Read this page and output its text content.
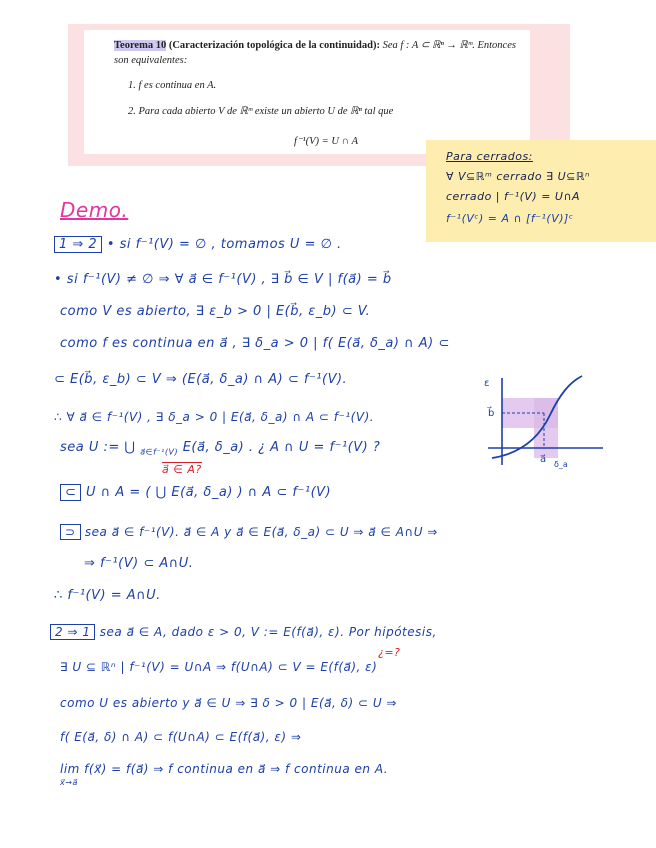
Teorema 10 (Caracterización topológica de la continuidad): Sea f : A ⊂ ℝⁿ → ℝᵐ. Entonces son equivalentes:
1. f es continua en A.
2. Para cada abierto V de ℝᵐ existe un abierto U de ℝⁿ tal que
f⁻¹(V) = U ∩ A
Para cerrados:
∀ V⊆ℝᵐ cerrado ∃ U⊆ℝⁿ
cerrado | f⁻¹(V) = U∩A
f⁻¹(Vᶜ) = A ∩ [f⁻¹(V)]ᶜ
Demo.
1 ⇒ 2 • si f⁻¹(V) = ∅ , tomamos U = ∅ .
• si f⁻¹(V) ≠ ∅ ⇒ ∀ a⃗ ∈ f⁻¹(V) , ∃ b⃗ ∈ V | f(a⃗) = b⃗
como V es abierto, ∃ ε_b > 0 | E(b⃗, ε_b) ⊂ V.
como f es continua en a⃗ , ∃ δ_a > 0 | f( E(a⃗, δ_a) ∩ A) ⊂
⊂ E(b⃗, ε_b) ⊂ V ⇒ (E(a⃗, δ_a) ∩ A) ⊂ f⁻¹(V).
∴ ∀ a⃗ ∈ f⁻¹(V) , ∃ δ_a > 0 | E(a⃗, δ_a) ∩ A ⊂ f⁻¹(V).
sea U := ⋃ $_{a⃗\in f^{-1}(V)}$ E(a⃗, δ_a) . ¿ A ∩ U = f⁻¹(V) ?
a⃗ ∈ A?
⊂ U ∩ A = ( ⋃ E(a⃗, δ_a) ) ∩ A ⊂ f⁻¹(V)
⊃ sea a⃗ ∈ f⁻¹(V). a⃗ ∈ A y a⃗ ∈ E(a⃗, δ_a) ⊂ U ⇒ a⃗ ∈ A∩U ⇒
⇒ f⁻¹(V) ⊂ A∩U.
∴ f⁻¹(V) = A∩U.
2 ⇒ 1 sea a⃗ ∈ A, dado ε > 0, V := E(f(a⃗), ε). Por hipótesis,
¿=?
∃ U ⊆ ℝⁿ | f⁻¹(V) = U∩A ⇒ f(U∩A) ⊂ V = E(f(a⃗), ε)
como U es abierto y a⃗ ∈ U ⇒ ∃ δ > 0 | E(a⃗, δ) ⊂ U ⇒
f( E(a⃗, δ) ∩ A) ⊂ f(U∩A) ⊂ E(f(a⃗), ε) ⇒
lim f(x⃗) = f(a⃗) ⇒ f continua en a⃗ ⇒ f continua en A.
x⃗→a⃗
ε
b⃗
a⃗ δ_a
